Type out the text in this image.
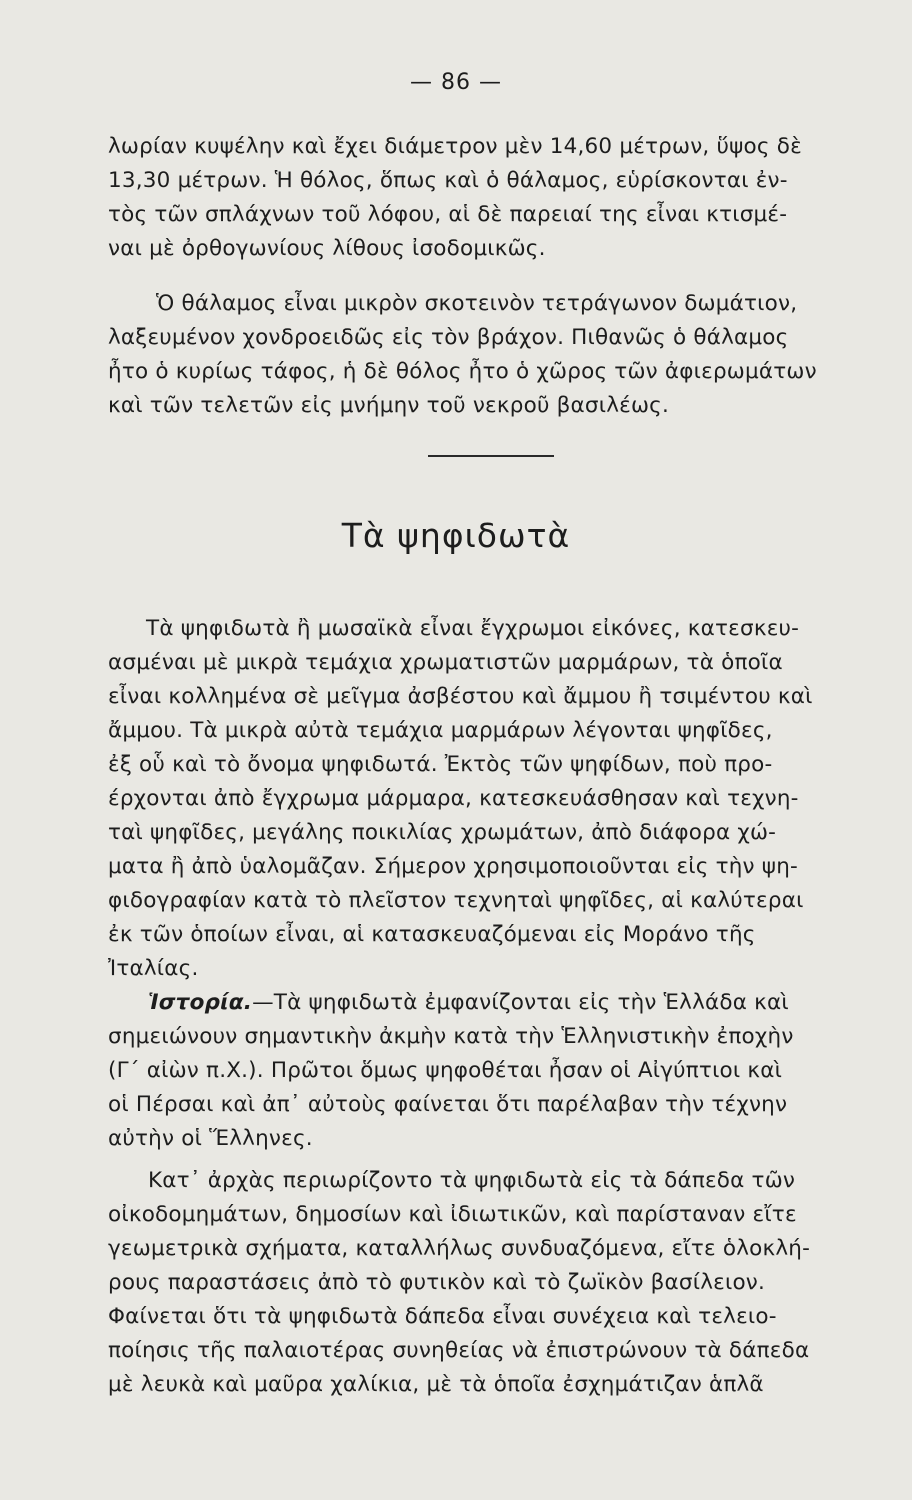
— 86 —
λωρίαν κυψέλην καὶ ἔχει διάμετρον μὲν 14,60 μέτρων, ὕψος δὲ
13,30 μέτρων. Ἡ θόλος, ὅπως καὶ ὁ θάλαμος, εὑρίσκονται ἐν-
τὸς τῶν σπλάχνων τοῦ λόφου, αἱ δὲ παρειαί της εἶναι κτισμέ-
ναι μὲ ὀρθογωνίους λίθους ἰσοδομικῶς.
Ὁ θάλαμος εἶναι μικρὸν σκοτεινὸν τετράγωνον δωμάτιον,
λαξευμένον χονδροειδῶς εἰς τὸν βράχον. Πιθανῶς ὁ θάλαμος
ἦτο ὁ κυρίως τάφος, ἡ δὲ θόλος ἦτο ὁ χῶρος τῶν ἀφιερωμάτων
καὶ τῶν τελετῶν εἰς μνήμην τοῦ νεκροῦ βασιλέως.
Τὰ ψηφιδωτὰ
Τὰ ψηφιδωτὰ ἢ μωσαϊκὰ εἶναι ἔγχρωμοι εἰκόνες, κατεσκευ-
ασμέναι μὲ μικρὰ τεμάχια χρωματιστῶν μαρμάρων, τὰ ὁποῖα
εἶναι κολλημένα σὲ μεῖγμα ἀσβέστου καὶ ἄμμου ἢ τσιμέντου καὶ
ἄμμου. Τὰ μικρὰ αὐτὰ τεμάχια μαρμάρων λέγονται ψηφῖδες,
ἐξ οὗ καὶ τὸ ὄνομα ψηφιδωτά. Ἐκτὸς τῶν ψηφίδων, ποὺ προ-
έρχονται ἀπὸ ἔγχρωμα μάρμαρα, κατεσκευάσθησαν καὶ τεχνη-
ταὶ ψηφῖδες, μεγάλης ποικιλίας χρωμάτων, ἀπὸ διάφορα χώ-
ματα ἢ ἀπὸ ὑαλομᾶζαν. Σήμερον χρησιμοποιοῦνται εἰς τὴν ψη-
φιδογραφίαν κατὰ τὸ πλεῖστον τεχνηταὶ ψηφῖδες, αἱ καλύτεραι
ἐκ τῶν ὁποίων εἶναι, αἱ κατασκευαζόμεναι εἰς Μοράνο τῆς
Ἰταλίας.
Ἱστορία.—Τὰ ψηφιδωτὰ ἐμφανίζονται εἰς τὴν Ἑλλάδα καὶ
σημειώνουν σημαντικὴν ἀκμὴν κατὰ τὴν Ἑλληνιστικὴν ἐποχὴν
(Γ΄ αἰὼν π.Χ.). Πρῶτοι ὅμως ψηφοθέται ἦσαν οἱ Αἰγύπτιοι καὶ
οἱ Πέρσαι καὶ ἀπ᾽ αὐτοὺς φαίνεται ὅτι παρέλαβαν τὴν τέχνην
αὐτὴν οἱ Ἕλληνες.
Κατ᾽ ἀρχὰς περιωρίζοντο τὰ ψηφιδωτὰ εἰς τὰ δάπεδα τῶν
οἰκοδομημάτων, δημοσίων καὶ ἰδιωτικῶν, καὶ παρίσταναν εἴτε
γεωμετρικὰ σχήματα, καταλλήλως συνδυαζόμενα, εἴτε ὁλοκλή-
ρους παραστάσεις ἀπὸ τὸ φυτικὸν καὶ τὸ ζωϊκὸν βασίλειον.
Φαίνεται ὅτι τὰ ψηφιδωτὰ δάπεδα εἶναι συνέχεια καὶ τελειο-
ποίησις τῆς παλαιοτέρας συνηθείας νὰ ἐπιστρώνουν τὰ δάπεδα
μὲ λευκὰ καὶ μαῦρα χαλίκια, μὲ τὰ ὁποῖα ἐσχημάτιζαν ἁπλᾶ
